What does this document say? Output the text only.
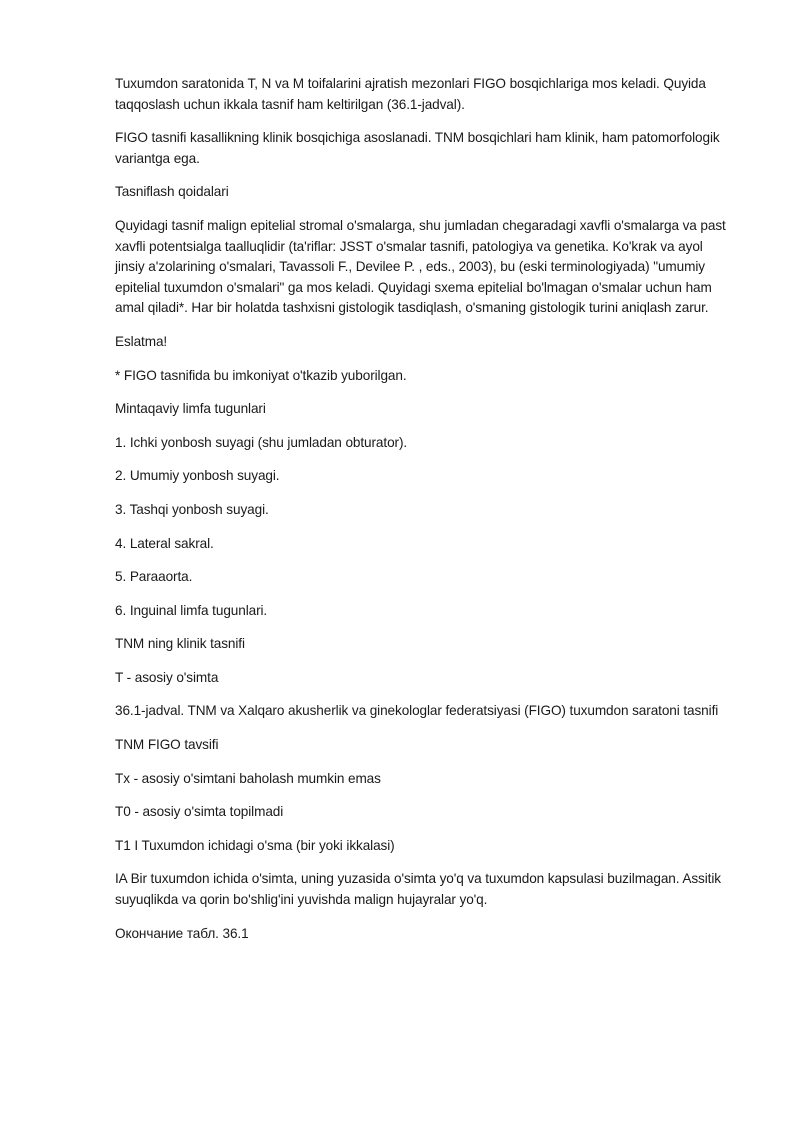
Tuxumdon saratonida T, N va M toifalarini ajratish mezonlari FIGO bosqichlariga mos keladi. Quyida taqqoslash uchun ikkala tasnif ham keltirilgan (36.1-jadval).

FIGO tasnifi kasallikning klinik bosqichiga asoslanadi. TNM bosqichlari ham klinik, ham patomorfologik variantga ega.

Tasniflash qoidalari

Quyidagi tasnif malign epitelial stromal o'smalarga, shu jumladan chegaradagi xavfli o'smalarga va past xavfli potentsialga taalluqlidir (ta'riflar: JSST o'smalar tasnifi, patologiya va genetika. Ko'krak va ayol jinsiy a'zolarining o'smalari, Tavassoli F., Devilee P. , eds., 2003), bu (eski terminologiyada) "umumiy epitelial tuxumdon o'smalari" ga mos keladi. Quyidagi sxema epitelial bo'lmagan o'smalar uchun ham amal qiladi*. Har bir holatda tashxisni gistologik tasdiqlash, o'smaning gistologik turini aniqlash zarur.

Eslatma!

* FIGO tasnifida bu imkoniyat o'tkazib yuborilgan.

Mintaqaviy limfa tugunlari

1. Ichki yonbosh suyagi (shu jumladan obturator).

2. Umumiy yonbosh suyagi.

3. Tashqi yonbosh suyagi.

4. Lateral sakral.

5. Paraaorta.

6. Inguinal limfa tugunlari.

TNM ning klinik tasnifi

T - asosiy o'simta

36.1-jadval. TNM va Xalqaro akusherlik va ginekologlar federatsiyasi (FIGO) tuxumdon saratoni tasnifi

TNM FIGO tavsifi

Tx - asosiy o'simtani baholash mumkin emas

T0 - asosiy o'simta topilmadi

T1 I Tuxumdon ichidagi o'sma (bir yoki ikkalasi)

IA Bir tuxumdon ichida o'simta, uning yuzasida o'simta yo'q va tuxumdon kapsulasi buzilmagan. Assitik suyuqlikda va qorin bo'shlig'ini yuvishda malign hujayralar yo'q.

Окончание табл. 36.1
